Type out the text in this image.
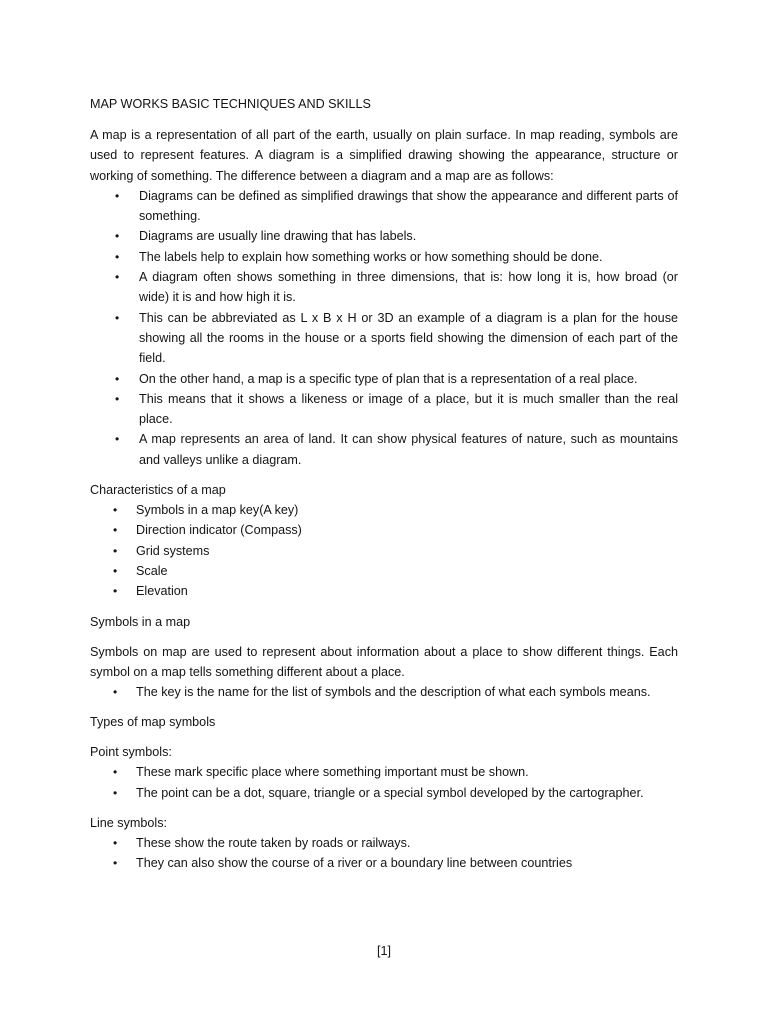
MAP WORKS BASIC TECHNIQUES AND SKILLS

A map is a representation of all part of the earth, usually on plain surface. In map reading, symbols are used to represent features. A diagram is a simplified drawing showing the appearance, structure or working of something. The difference between a diagram and a map are as follows:

• Diagrams can be defined as simplified drawings that show the appearance and different parts of something.
• Diagrams are usually line drawing that has labels.
• The labels help to explain how something works or how something should be done.
• A diagram often shows something in three dimensions, that is: how long it is, how broad (or wide) it is and how high it is.
• This can be abbreviated as L x B x H or 3D an example of a diagram is a plan for the house showing all the rooms in the house or a sports field showing the dimension of each part of the field.
• On the other hand, a map is a specific type of plan that is a representation of a real place.
• This means that it shows a likeness or image of a place, but it is much smaller than the real place.
• A map represents an area of land. It can show physical features of nature, such as mountains and valleys unlike a diagram.

Characteristics of a map

• Symbols in a map key(A key)
• Direction indicator (Compass)
• Grid systems
• Scale
• Elevation

Symbols in a map

Symbols on map are used to represent about information about a place to show different things. Each symbol on a map tells something different about a place.

• The key is the name for the list of symbols and the description of what each symbols means.

Types of map symbols

Point symbols:

• These mark specific place where something important must be shown.
• The point can be a dot, square, triangle or a special symbol developed by the cartographer.

Line symbols:

• These show the route taken by roads or railways.
• They can also show the course of a river or a boundary line between countries
[1]
